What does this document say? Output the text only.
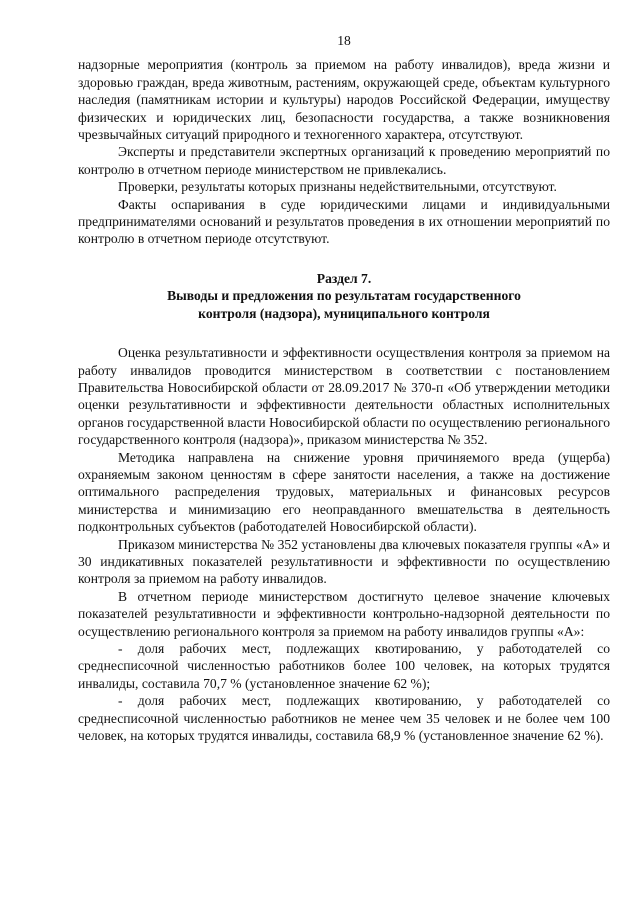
18

надзорные мероприятия (контроль за приемом на работу инвалидов), вреда жизни и здоровью граждан, вреда животным, растениям, окружающей среде, объектам культурного наследия (памятникам истории и культуры) народов Российской Федерации, имуществу физических и юридических лиц, безопасности государства, а также возникновения чрезвычайных ситуаций природного и техногенного характера, отсутствуют.

Эксперты и представители экспертных организаций к проведению мероприятий по контролю в отчетном периоде министерством не привлекались.

Проверки, результаты которых признаны недействительными, отсутствуют.

Факты оспаривания в суде юридическими лицами и индивидуальными предпринимателями оснований и результатов проведения в их отношении мероприятий по контролю в отчетном периоде отсутствуют.

Раздел 7.
Выводы и предложения по результатам государственного
контроля (надзора), муниципального контроля

Оценка результативности и эффективности осуществления контроля за приемом на работу инвалидов проводится министерством в соответствии с постановлением Правительства Новосибирской области от 28.09.2017 № 370-п «Об утверждении методики оценки результативности и эффективности деятельности областных исполнительных органов государственной власти Новосибирской области по осуществлению регионального государственного контроля (надзора)», приказом министерства № 352.

Методика направлена на снижение уровня причиняемого вреда (ущерба) охраняемым законом ценностям в сфере занятости населения, а также на достижение оптимального распределения трудовых, материальных и финансовых ресурсов министерства и минимизацию его неоправданного вмешательства в деятельность подконтрольных субъектов (работодателей Новосибирской области).

Приказом министерства № 352 установлены два ключевых показателя группы «А» и 30 индикативных показателей результативности и эффективности по осуществлению контроля за приемом на работу инвалидов.

В отчетном периоде министерством достигнуто целевое значение ключевых показателей результативности и эффективности контрольно-надзорной деятельности по осуществлению регионального контроля за приемом на работу инвалидов группы «А»:

- доля рабочих мест, подлежащих квотированию, у работодателей со среднесписочной численностью работников более 100 человек, на которых трудятся инвалиды, составила 70,7 % (установленное значение 62 %);

- доля рабочих мест, подлежащих квотированию, у работодателей со среднесписочной численностью работников не менее чем 35 человек и не более чем 100 человек, на которых трудятся инвалиды, составила 68,9 % (установленное значение 62 %).
